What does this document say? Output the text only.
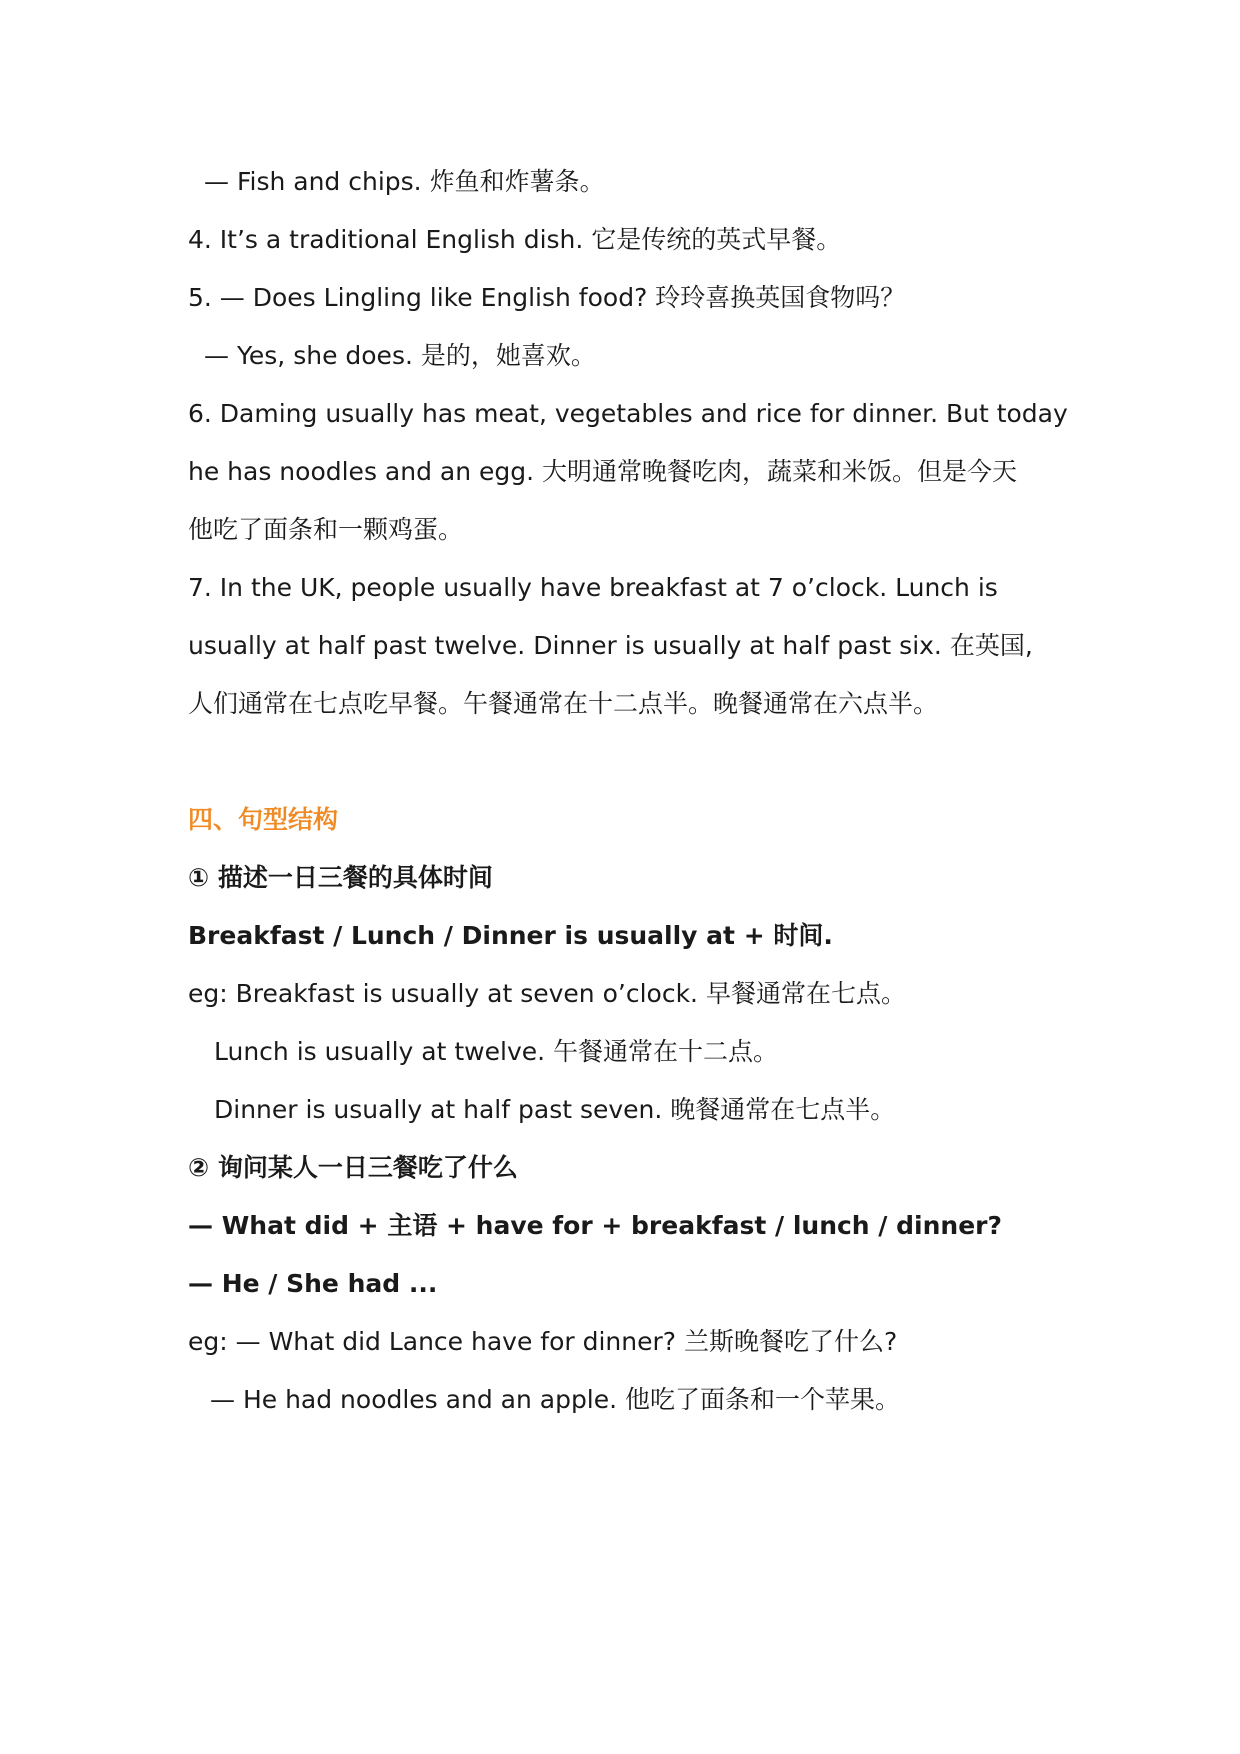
— Fish and chips. 炸鱼和炸薯条。
4. It’s a traditional English dish. 它是传统的英式早餐。
5. — Does Lingling like English food? 玲玲喜换英国食物吗？
— Yes, she does. 是的，她喜欢。
6. Daming usually has meat, vegetables and rice for dinner. But today
he has noodles and an egg. 大明通常晚餐吃肉，蔬菜和米饭。但是今天
他吃了面条和一颗鸡蛋。
7. In the UK, people usually have breakfast at 7 o’clock. Lunch is
usually at half past twelve. Dinner is usually at half past six. 在英国,
人们通常在七点吃早餐。午餐通常在十二点半。晚餐通常在六点半。
四、句型结构
① 描述一日三餐的具体时间
Breakfast / Lunch / Dinner is usually at + 时间.
eg: Breakfast is usually at seven o’clock. 早餐通常在七点。
Lunch is usually at twelve. 午餐通常在十二点。
Dinner is usually at half past seven. 晚餐通常在七点半。
② 询问某人一日三餐吃了什么
— What did + 主语 + have for + breakfast / lunch / dinner?
— He / She had ...
eg: — What did Lance have for dinner? 兰斯晚餐吃了什么?
— He had noodles and an apple. 他吃了面条和一个苹果。
